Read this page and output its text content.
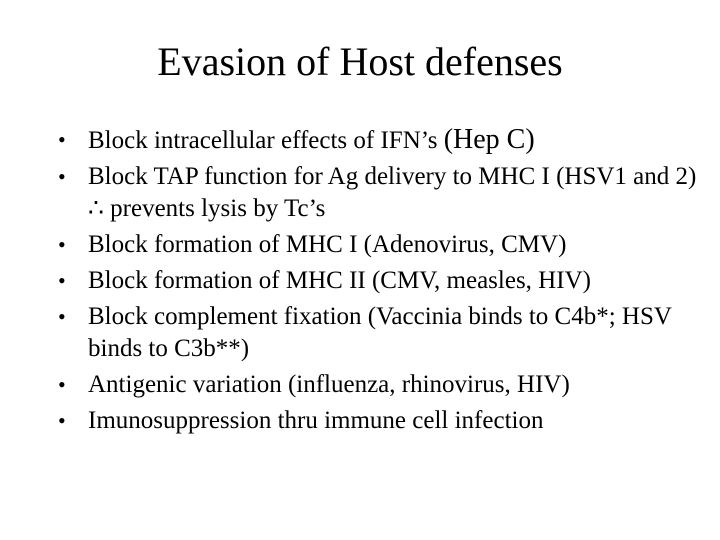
Evasion of Host defenses
• Block intracellular effects of IFN’s (Hep C)
• Block TAP function for Ag delivery to MHC I (HSV1 and 2) ∴ prevents lysis by Tc’s
• Block formation of MHC I (Adenovirus, CMV)
• Block formation of MHC II (CMV, measles, HIV)
• Block complement fixation (Vaccinia binds to C4b*; HSV binds to C3b**)
• Antigenic variation (influenza, rhinovirus, HIV)
• Imunosuppression thru immune cell infection
